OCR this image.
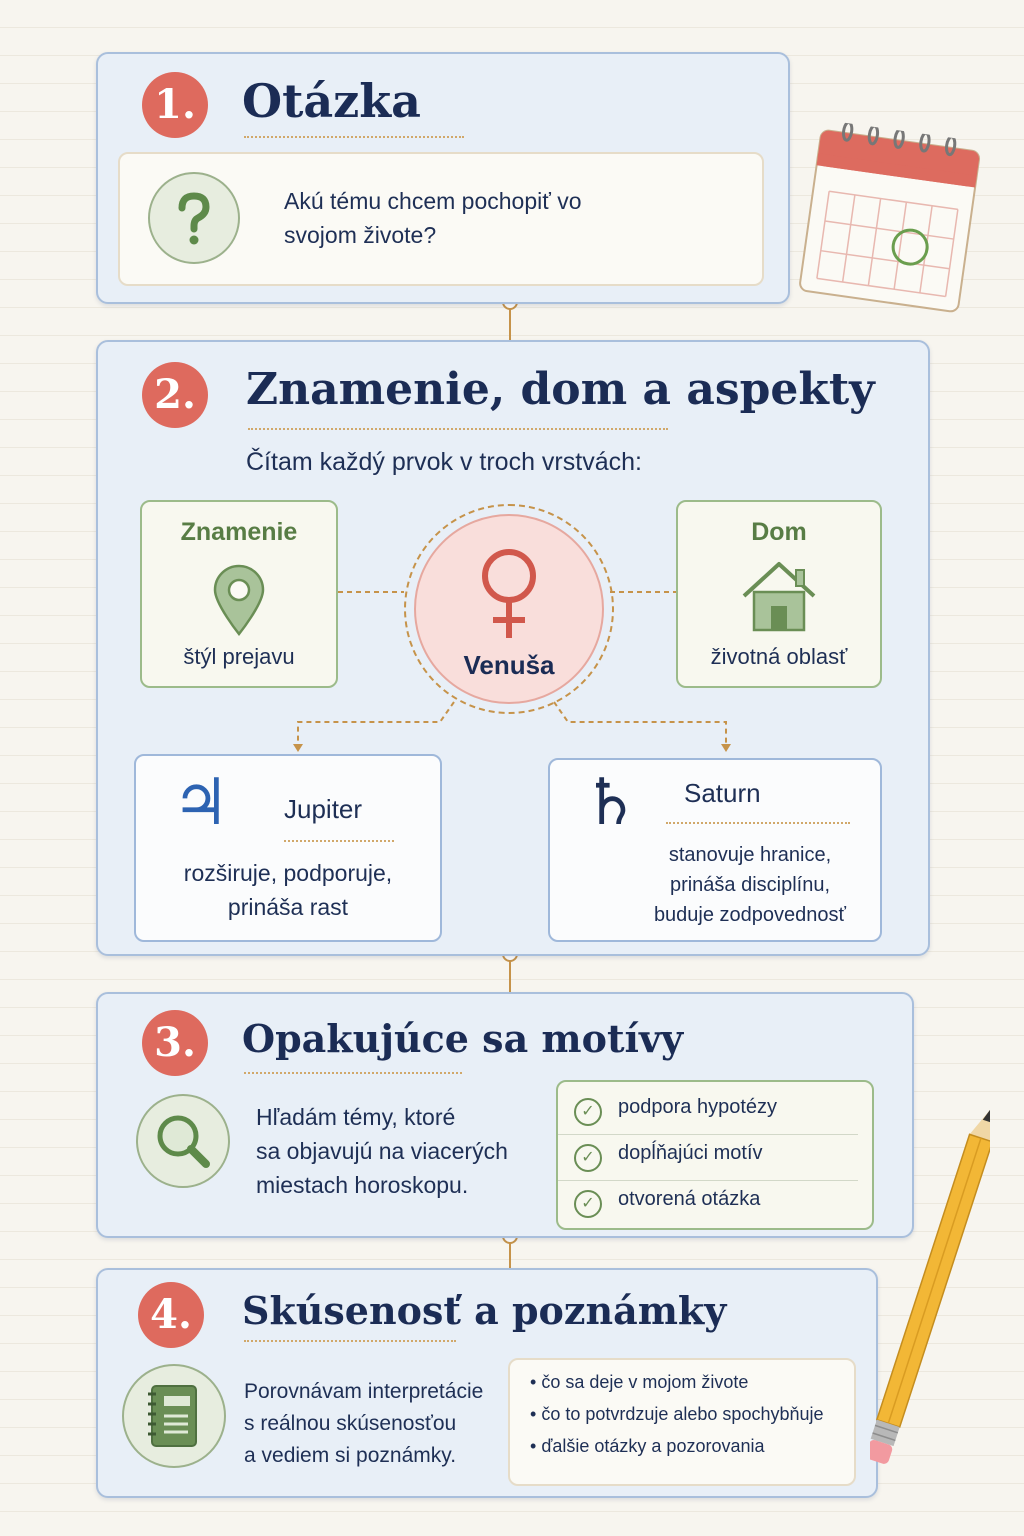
1. Otázka
Akú tému chcem pochopiť vo svojom živote?
2. Znamenie, dom a aspekty
Čítam každý prvok v troch vrstvách:
Znamenie
štýl prejavu	Venuša
Dom
životná oblasť
♃ Jupiter
rozširuje, podporuje,
prináša rast
♄ Saturn
stanovuje hranice,
prináša disciplínu,
buduje zodpovednosť
3.	Opakujúce sa motívy
Hľadám témy, ktoré
sa objavujú na viacerých
miestach horoskopu.
✓	podpora hypotézy
✓	dopĺňajúci motív
✓	otvorená otázka
4.	Skúsenosť a poznámky
Porovnávam interpretácie
s reálnou skúsenosťou
a vediem si poznámky.
• čo sa deje v mojom živote
• čo to potvrdzuje alebo spochybňuje
• ďalšie otázky a pozorovania
